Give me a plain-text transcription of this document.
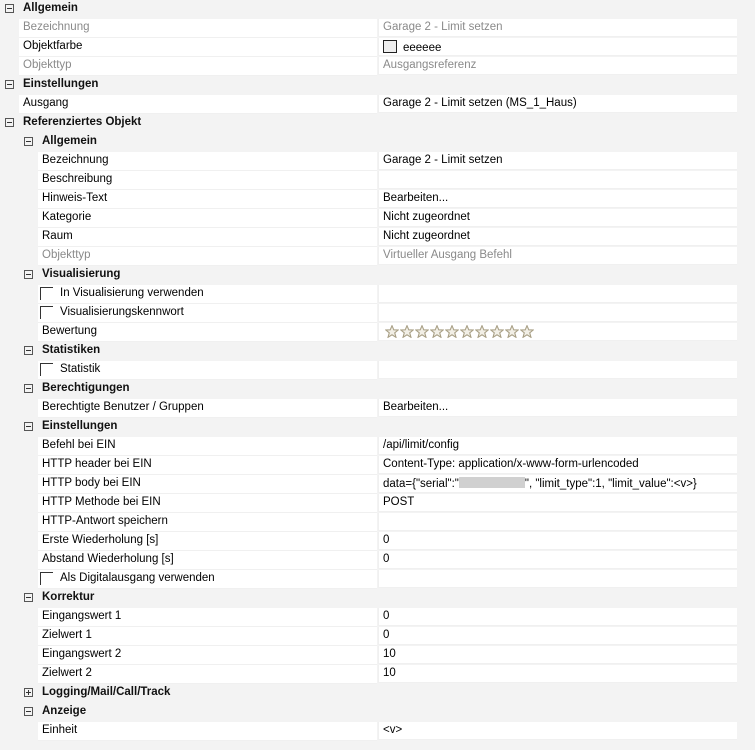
Allgemein
Bezeichnung	Garage 2 - Limit setzen
Objektfarbe	eeeeee
Objekttyp	Ausgangsreferenz
Einstellungen
Ausgang	Garage 2 - Limit setzen (MS_1_Haus)
Referenziertes Objekt
Allgemein
Bezeichnung	Garage 2 - Limit setzen
Beschreibung
Hinweis-Text	Bearbeiten...
Kategorie	Nicht zugeordnet
Raum	Nicht zugeordnet
Objekttyp	Virtueller Ausgang Befehl
Visualisierung
In Visualisierung verwenden
Visualisierungskennwort
Bewertung
Statistiken
Statistik
Berechtigungen
Berechtigte Benutzer / Gruppen	Bearbeiten...
Einstellungen
Befehl bei EIN	/api/limit/config
HTTP header bei EIN	Content-Type: application/x-www-form-urlencoded
HTTP body bei EIN	data={"serial":"	", "limit_type":1, "limit_value":<v>}
HTTP Methode bei EIN	POST
HTTP-Antwort speichern
Erste Wiederholung [s]	0
Abstand Wiederholung [s]	0
Als Digitalausgang verwenden
Korrektur
Eingangswert 1	0
Zielwert 1	0
Eingangswert 2	10
Zielwert 2	10
Logging/Mail/Call/Track
Anzeige
Einheit	<v>
